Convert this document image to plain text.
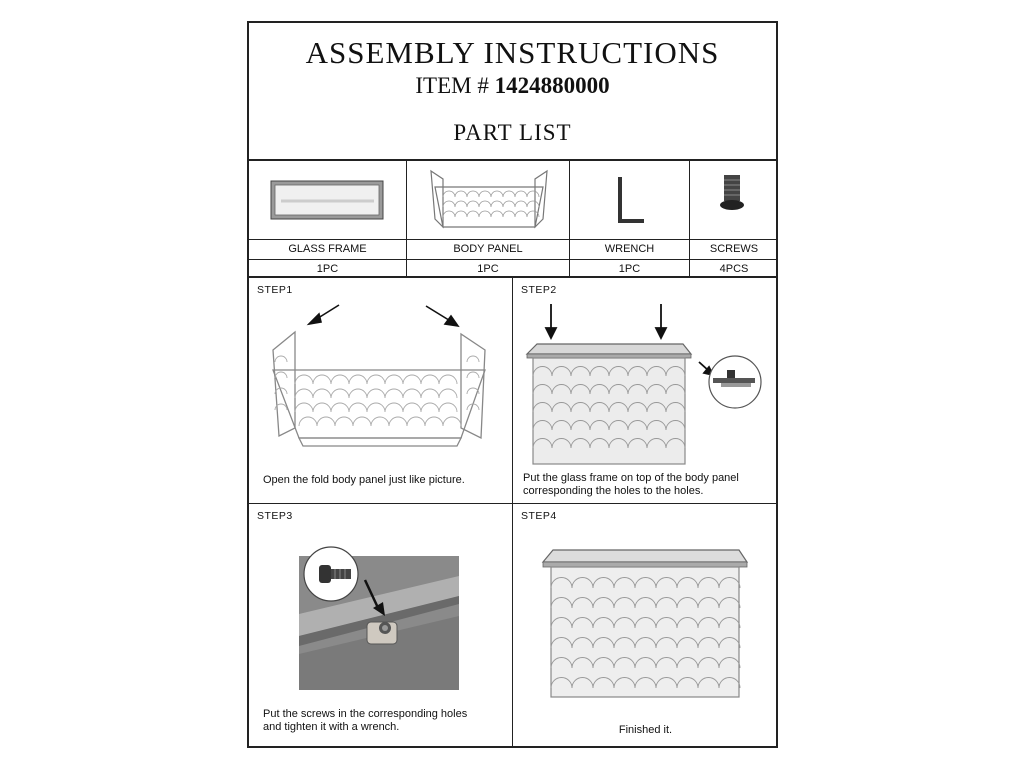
ASSEMBLY INSTRUCTIONS
ITEM # 1424880000
PART LIST
GLASS FRAME
1PC
BODY PANEL
1PC
WRENCH
1PC
SCREWS
4PCS
STEP1
Open the fold body panel just like picture.
STEP2
Put the glass frame on top of the body panel
corresponding the holes to the holes.
STEP3
Put the screws in the corresponding holes
and tighten it with a wrench.
STEP4
Finished it.
